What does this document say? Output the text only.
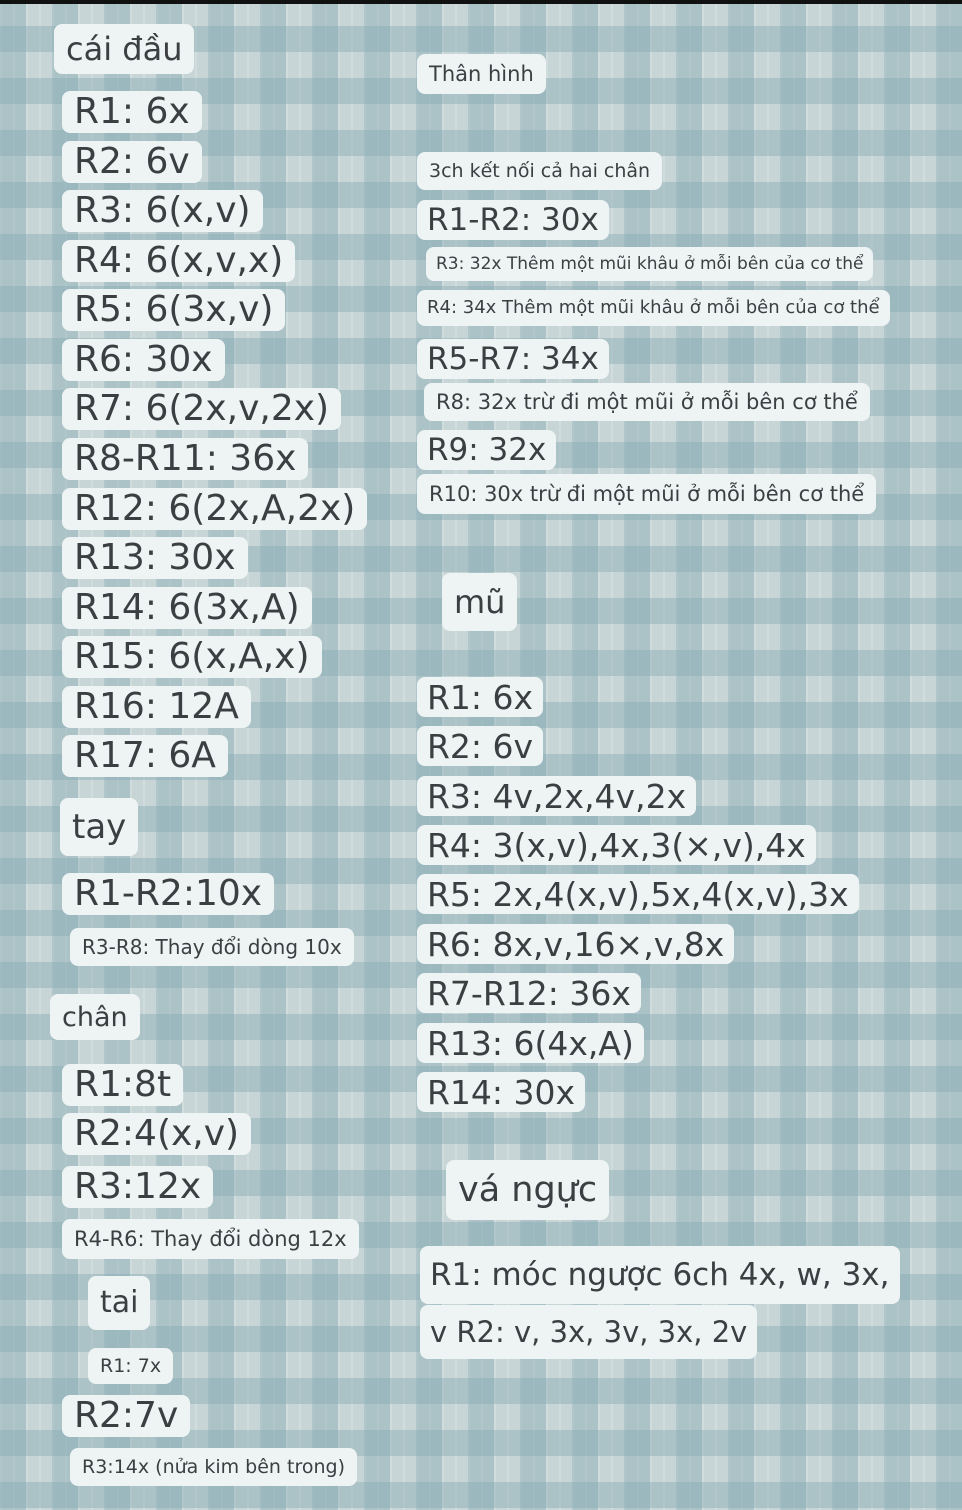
cái đầu
R1: 6x
R2: 6v
R3: 6(x,v)
R4: 6(x,v,x)
R5: 6(3x,v)
R6: 30x
R7: 6(2x,v,2x)
R8-R11: 36x
R12: 6(2x,A,2x)
R13: 30x
R14: 6(3x,A)
R15: 6(x,A,x)
R16: 12A
R17: 6A
tay
R1-R2:10x
R3-R8: Thay đổi dòng 10x
chân
R1:8t
R2:4(x,v)
R3:12x
R4-R6: Thay đổi dòng 12x
tai
R1: 7x
R2:7v
R3:14x (nửa kim bên trong)
Thân hình
3ch kết nối cả hai chân
R1-R2: 30x
R3: 32x Thêm một mũi khâu ở mỗi bên của cơ thể
R4: 34x Thêm một mũi khâu ở mỗi bên của cơ thể
R5-R7: 34x
R8: 32x trừ đi một mũi ở mỗi bên cơ thể
R9: 32x
R10: 30x trừ đi một mũi ở mỗi bên cơ thể
mũ
R1: 6x
R2: 6v
R3: 4v,2x,4v,2x
R4: 3(x,v),4x,3(×,v),4x
R5: 2x,4(x,v),5x,4(x,v),3x
R6: 8x,v,16×,v,8x
R7-R12: 36x
R13: 6(4x,A)
R14: 30x
vá ngực
R1: móc ngược 6ch 4x, w, 3x,
v R2: v, 3x, 3v, 3x, 2v
